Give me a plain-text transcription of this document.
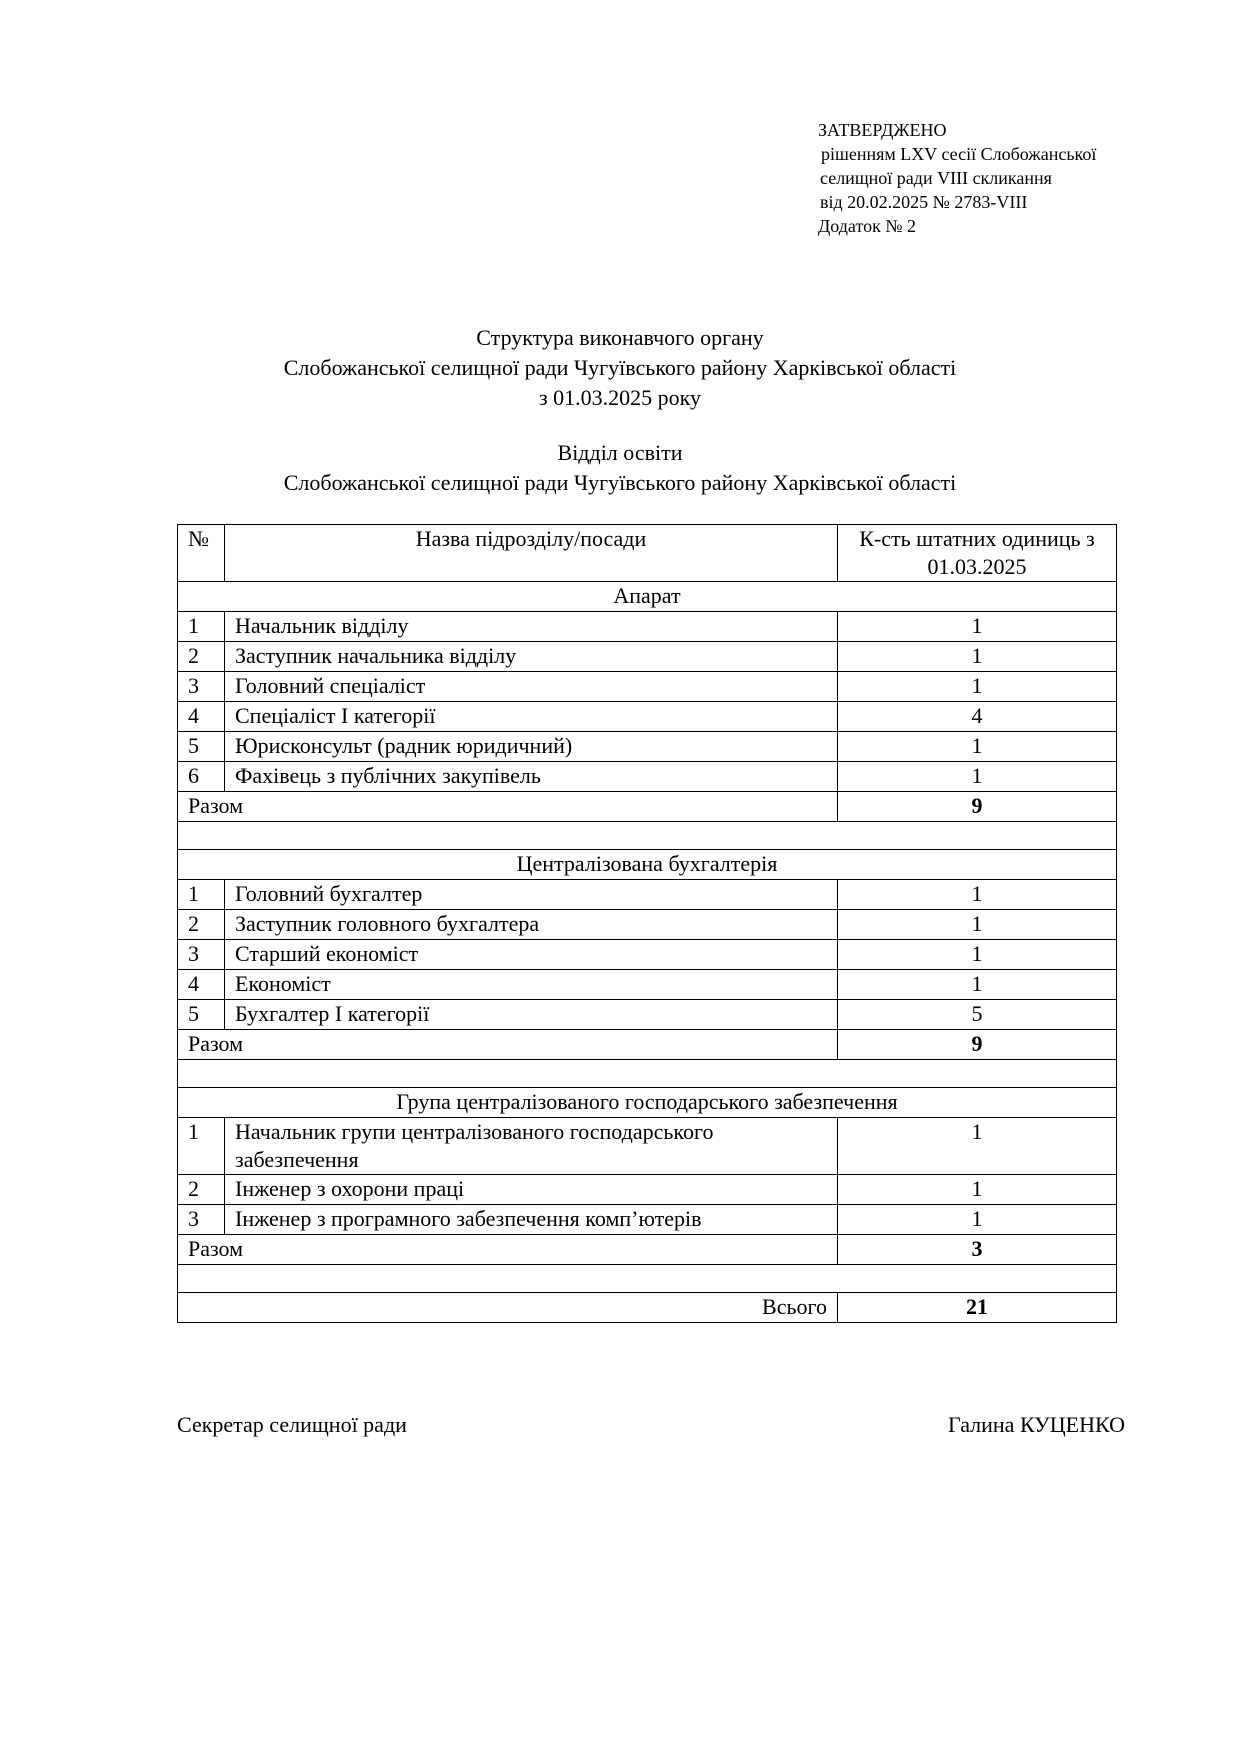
ЗАТВЕРДЖЕНО
рішенням LXV сесії Слобожанської
селищної ради VIII скликання
від 20.02.2025 № 2783-VIII
Додаток № 2
Структура виконавчого органу
Слобожанської селищної ради Чугуївського району Харківської області
з 01.03.2025 року
Відділ освіти
Слобожанської селищної ради Чугуївського району Харківської області
№	Назва підрозділу/посади	К-сть штатних одиниць з 01.03.2025
Апарат		
1	Начальник відділу	1
2	Заступник начальника відділу	1
3	Головний спеціаліст	1
4	Спеціаліст І категорії	4
5	Юрисконсульт (радник юридичний)	1
6	Фахівець з публічних закупівель	1
Разом		9

Централізована бухгалтерія		
1	Головний бухгалтер	1
2	Заступник головного бухгалтера	1
3	Старший економіст	1
4	Економіст	1
5	Бухгалтер І категорії	5
Разом		9

Група централізованого господарського забезпечення		
1	Начальник групи централізованого господарського забезпечення	1
2	Інженер з охорони праці	1
3	Інженер з програмного забезпечення комп’ютерів	1
Разом		3

Всього		21
Секретар селищної ради	Галина КУЦЕНКО
